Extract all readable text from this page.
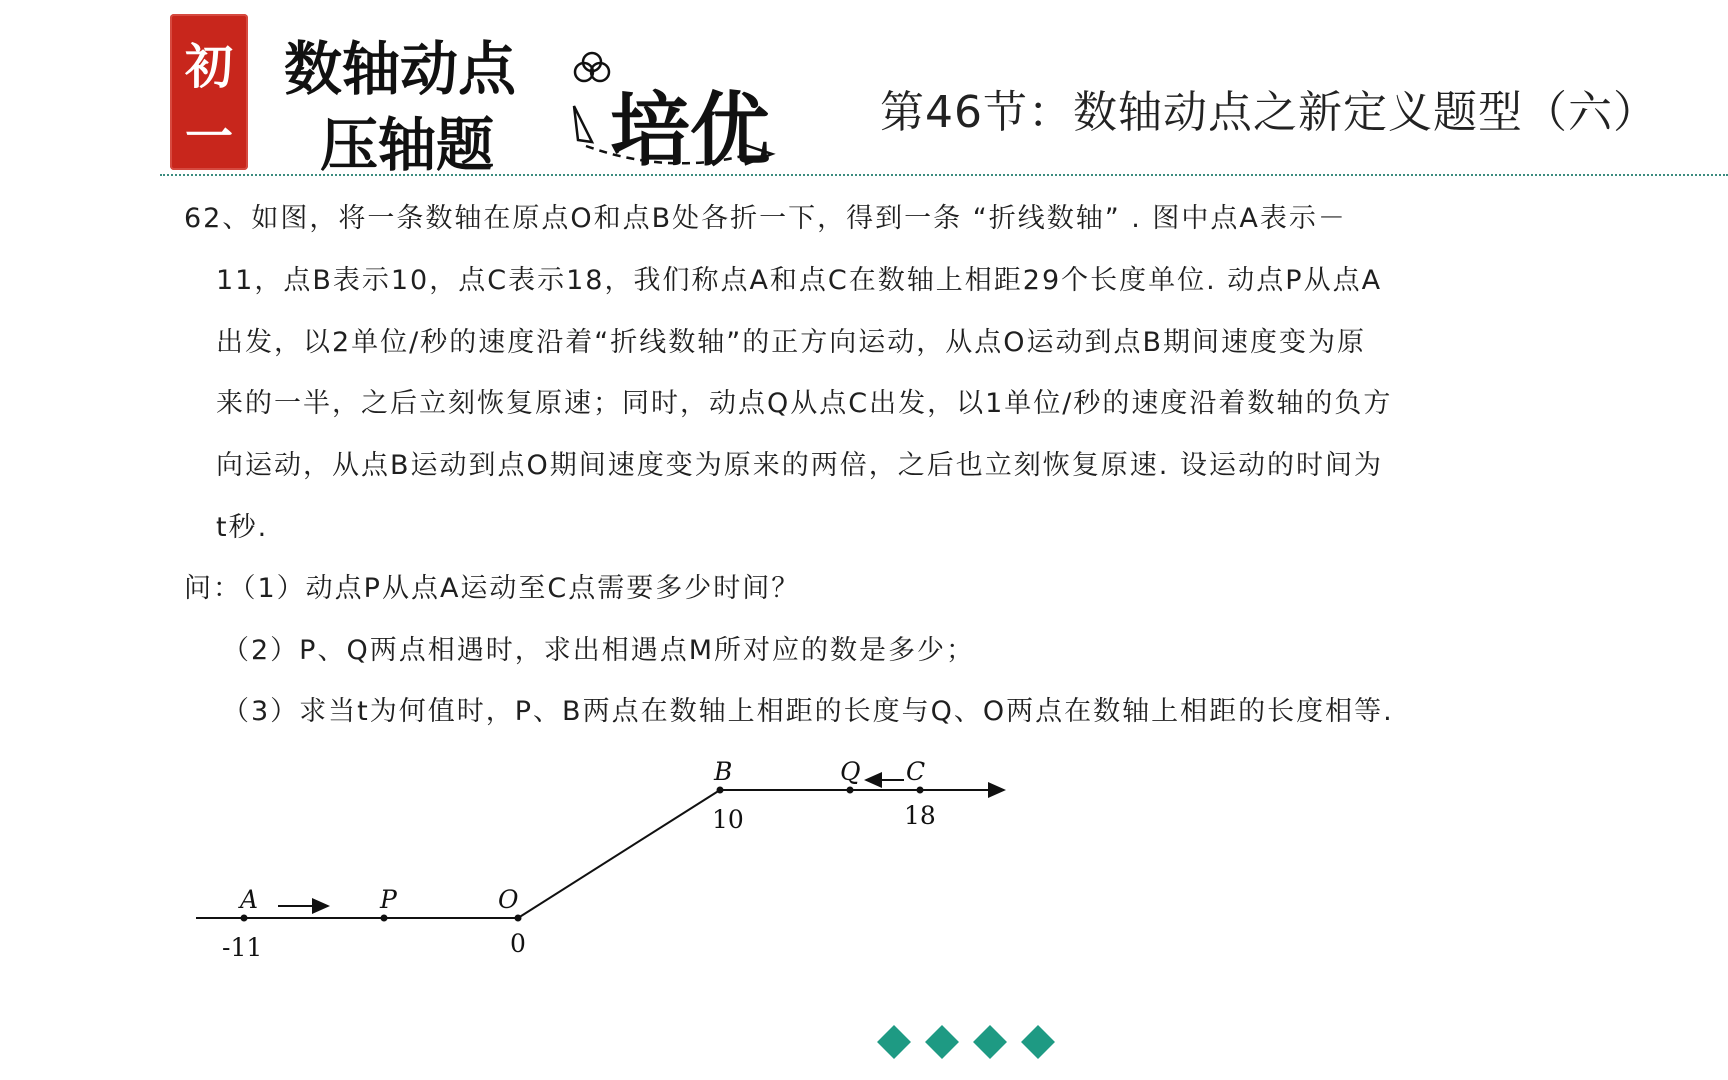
初
一
数轴动点
压轴题 培优	第46节：数轴动点之新定义题型（六）
62、如图，将一条数轴在原点O和点B处各折一下，得到一条 “折线数轴” . 图中点A表示－
11，点B表示10，点C表示18，我们称点A和点C在数轴上相距29个长度单位. 动点P从点A
出发，以2单位/秒的速度沿着“折线数轴”的正方向运动，从点O运动到点B期间速度变为原
来的一半，之后立刻恢复原速；同时，动点Q从点C出发，以1单位/秒的速度沿着数轴的负方
向运动，从点B运动到点O期间速度变为原来的两倍，之后也立刻恢复原速. 设运动的时间为
t秒.
问：（1）动点P从点A运动至C点需要多少时间？
（2）P、Q两点相遇时，求出相遇点M所对应的数是多少；
（3）求当t为何值时，P、B两点在数轴上相距的长度与Q、O两点在数轴上相距的长度相等.
A	P	O
B	Q C
-11	0
10	18
